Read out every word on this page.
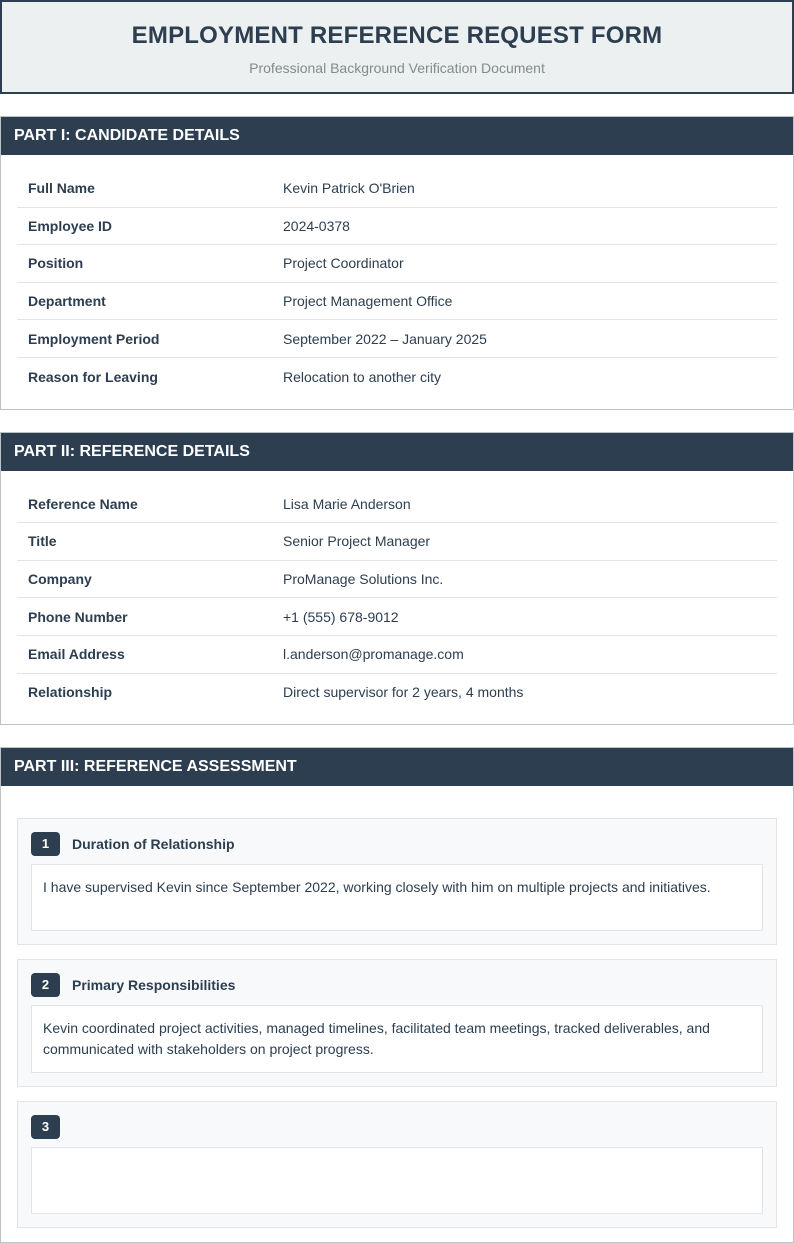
EMPLOYMENT REFERENCE REQUEST FORM
Professional Background Verification Document
PART I: CANDIDATE DETAILS
Full Name	Kevin Patrick O'Brien
Employee ID	2024-0378
Position	Project Coordinator
Department	Project Management Office
Employment Period	September 2022 – January 2025
Reason for Leaving	Relocation to another city
PART II: REFERENCE DETAILS
Reference Name	Lisa Marie Anderson
Title	Senior Project Manager
Company	ProManage Solutions Inc.
Phone Number	+1 (555) 678-9012
Email Address	l.anderson@promanage.com
Relationship	Direct supervisor for 2 years, 4 months
PART III: REFERENCE ASSESSMENT
1	Duration of Relationship
I have supervised Kevin since September 2022, working closely with him on multiple projects and initiatives.
2	Primary Responsibilities
Kevin coordinated project activities, managed timelines, facilitated team meetings, tracked deliverables, and communicated with stakeholders on project progress.
3
